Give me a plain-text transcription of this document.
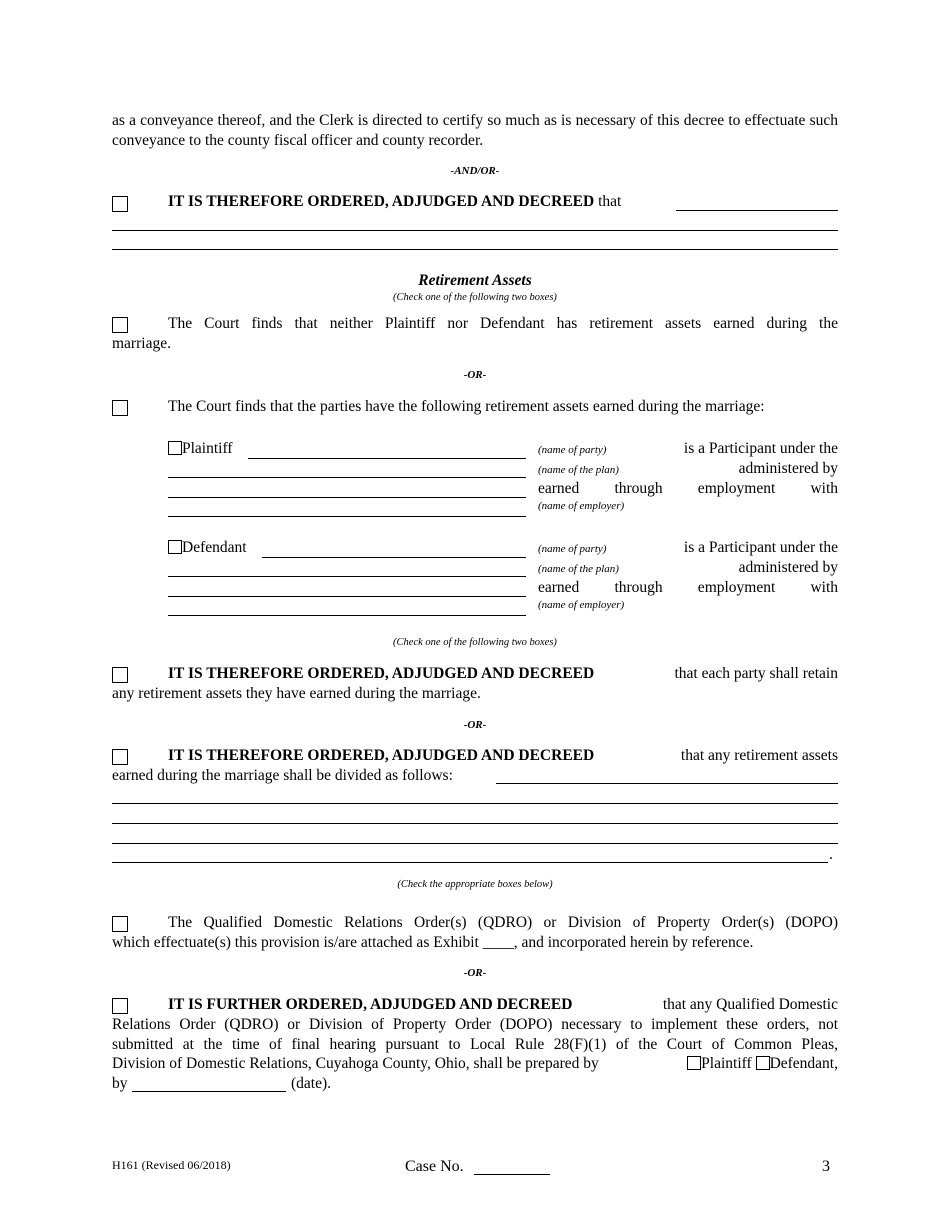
as a conveyance thereof, and the Clerk is directed to certify so much as is necessary of this decree to effectuate such conveyance to the county fiscal officer and county recorder.
-AND/OR-
IT IS THEREFORE ORDERED, ADJUDGED AND DECREED that
Retirement Assets
(Check one of the following two boxes)
The Court finds that neither Plaintiff nor Defendant has retirement assets earned during the
marriage.
-OR-
The Court finds that the parties have the following retirement assets earned during the marriage:
Plaintiff	(name of party)	is a Participant under the
(name of the plan)	administered by
earned through employment with
(name of employer)
Defendant	(name of party)	is a Participant under the
(name of the plan)	administered by
earned through employment with
(name of employer)
(Check one of the following two boxes)
IT IS THEREFORE ORDERED, ADJUDGED AND DECREED	that each party shall retain
any retirement assets they have earned during the marriage.
-OR-
IT IS THEREFORE ORDERED, ADJUDGED AND DECREED	that any retirement assets
earned during the marriage shall be divided as follows:
.
(Check the appropriate boxes below)
The Qualified Domestic Relations Order(s) (QDRO) or Division of Property Order(s) (DOPO)
which effectuate(s) this provision is/are attached as Exhibit ____, and incorporated herein by reference.
-OR-
IT IS FURTHER ORDERED, ADJUDGED AND DECREED	that any Qualified Domestic
Relations Order (QDRO) or Division of Property Order (DOPO) necessary to implement these orders, not
submitted at the time of final hearing pursuant to Local Rule 28(F)(1) of the Court of Common Pleas,
Division of Domestic Relations, Cuyahoga County, Ohio, shall be prepared by	Plaintiff Defendant,
by	(date).
H161 (Revised 06/2018)	Case No.	3
